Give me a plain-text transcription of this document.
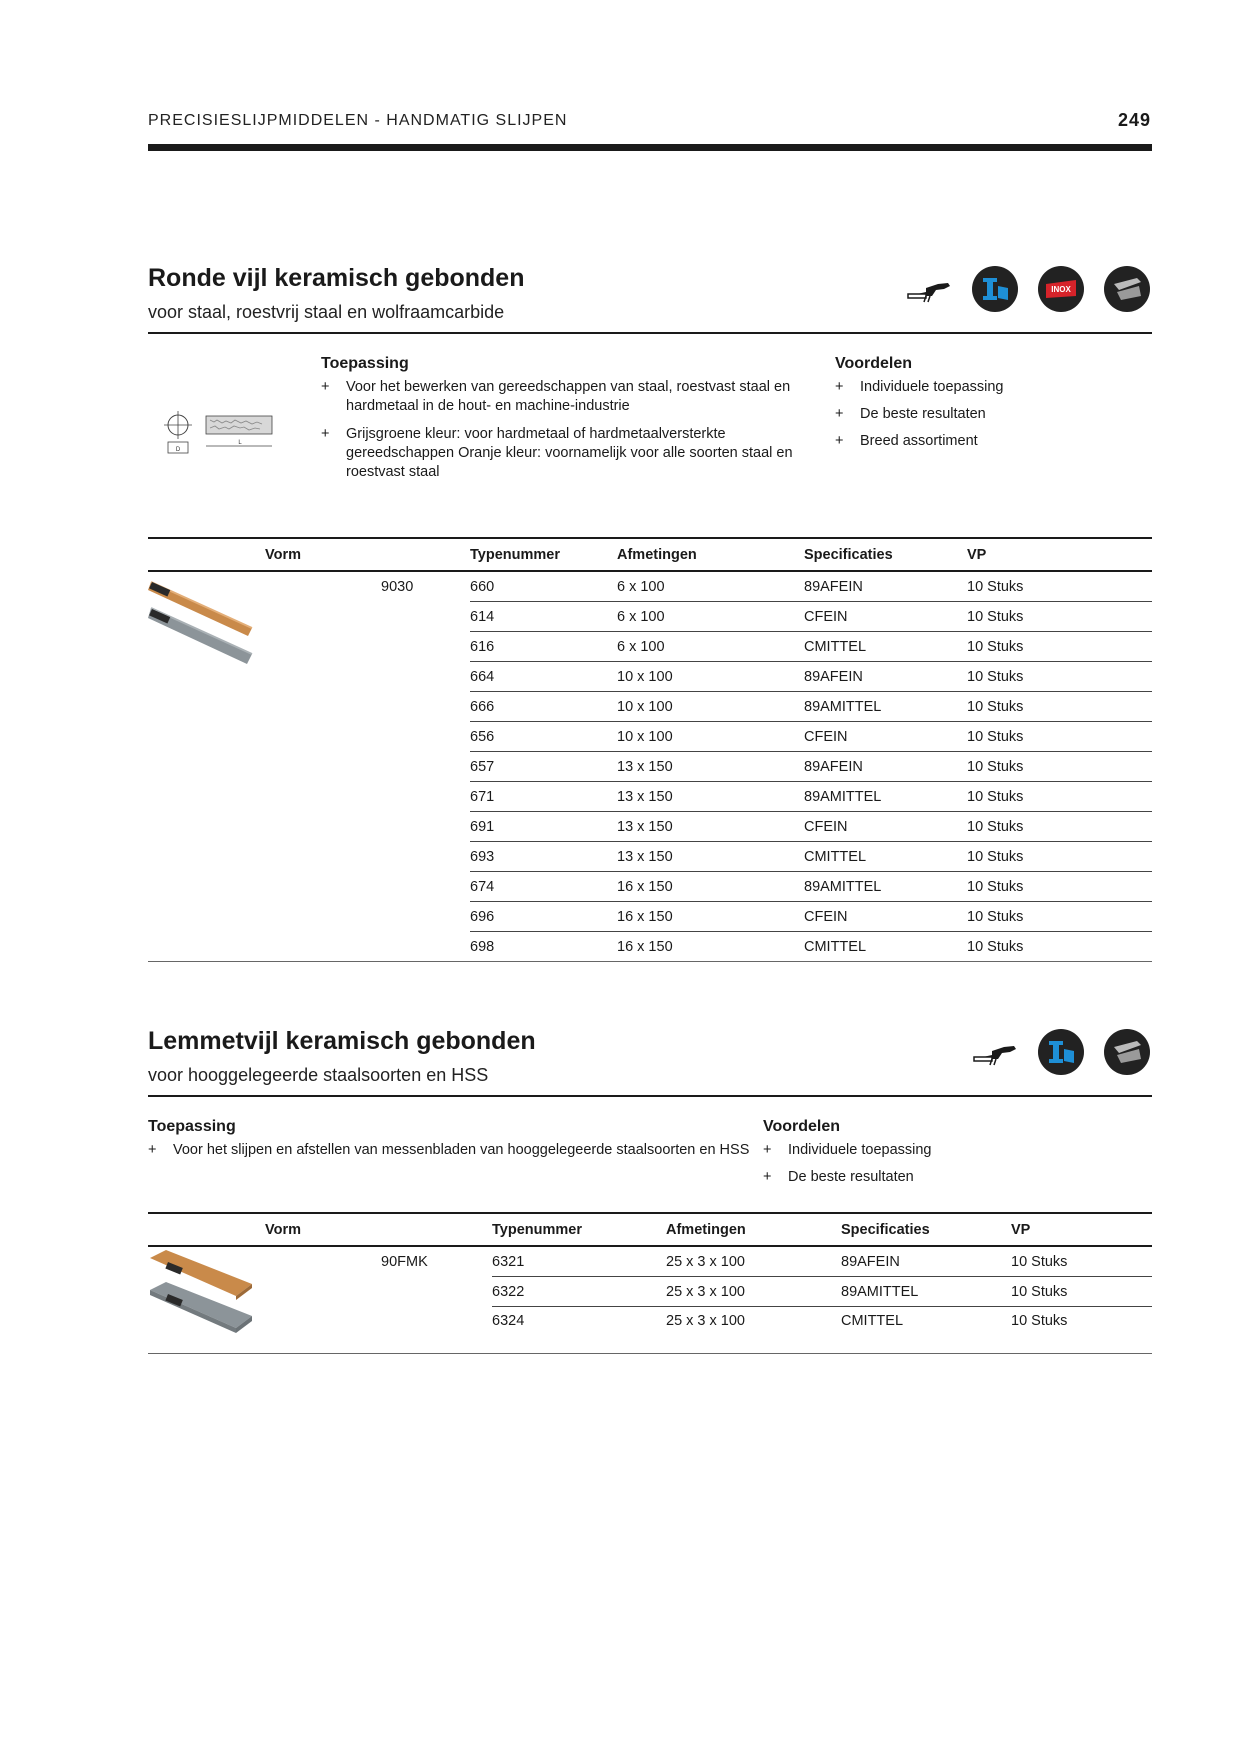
PRECISIESLIJPMIDDELEN - HANDMATIG SLIJPEN	249
Ronde vijl keramisch gebonden
voor staal, roestvrij staal en wolfraamcarbide
INOX
D
L
Toepassing
+ Voor het bewerken van gereedschappen van staal, roestvast staal en hardmetaal in de hout- en machine-industrie
+ Grijsgroene kleur: voor hardmetaal of hardmetaalversterkte gereedschappen Oranje kleur: voornamelijk voor alle soorten staal en roestvast staal
Voordelen
+ Individuele toepassing
+ De beste resultaten
+ Breed assortiment
Vorm	Typenummer	Afmetingen	Specificaties	VP
9030	660	6 x 100	89AFEIN	10 Stuks
	614	6 x 100	CFEIN	10 Stuks
	616	6 x 100	CMITTEL	10 Stuks
	664	10 x 100	89AFEIN	10 Stuks
	666	10 x 100	89AMITTEL	10 Stuks
	656	10 x 100	CFEIN	10 Stuks
	657	13 x 150	89AFEIN	10 Stuks
	671	13 x 150	89AMITTEL	10 Stuks
	691	13 x 150	CFEIN	10 Stuks
	693	13 x 150	CMITTEL	10 Stuks
	674	16 x 150	89AMITTEL	10 Stuks
	696	16 x 150	CFEIN	10 Stuks
	698	16 x 150	CMITTEL	10 Stuks
Lemmetvijl keramisch gebonden
voor hooggelegeerde staalsoorten en HSS
Toepassing
+ Voor het slijpen en afstellen van messenbladen van hooggelegeerde staalsoorten en HSS
Voordelen
+ Individuele toepassing
+ De beste resultaten
Vorm	Typenummer	Afmetingen	Specificaties	VP
90FMK	6321	25 x 3 x 100	89AFEIN	10 Stuks
	6322	25 x 3 x 100	89AMITTEL	10 Stuks
	6324	25 x 3 x 100	CMITTEL	10 Stuks
